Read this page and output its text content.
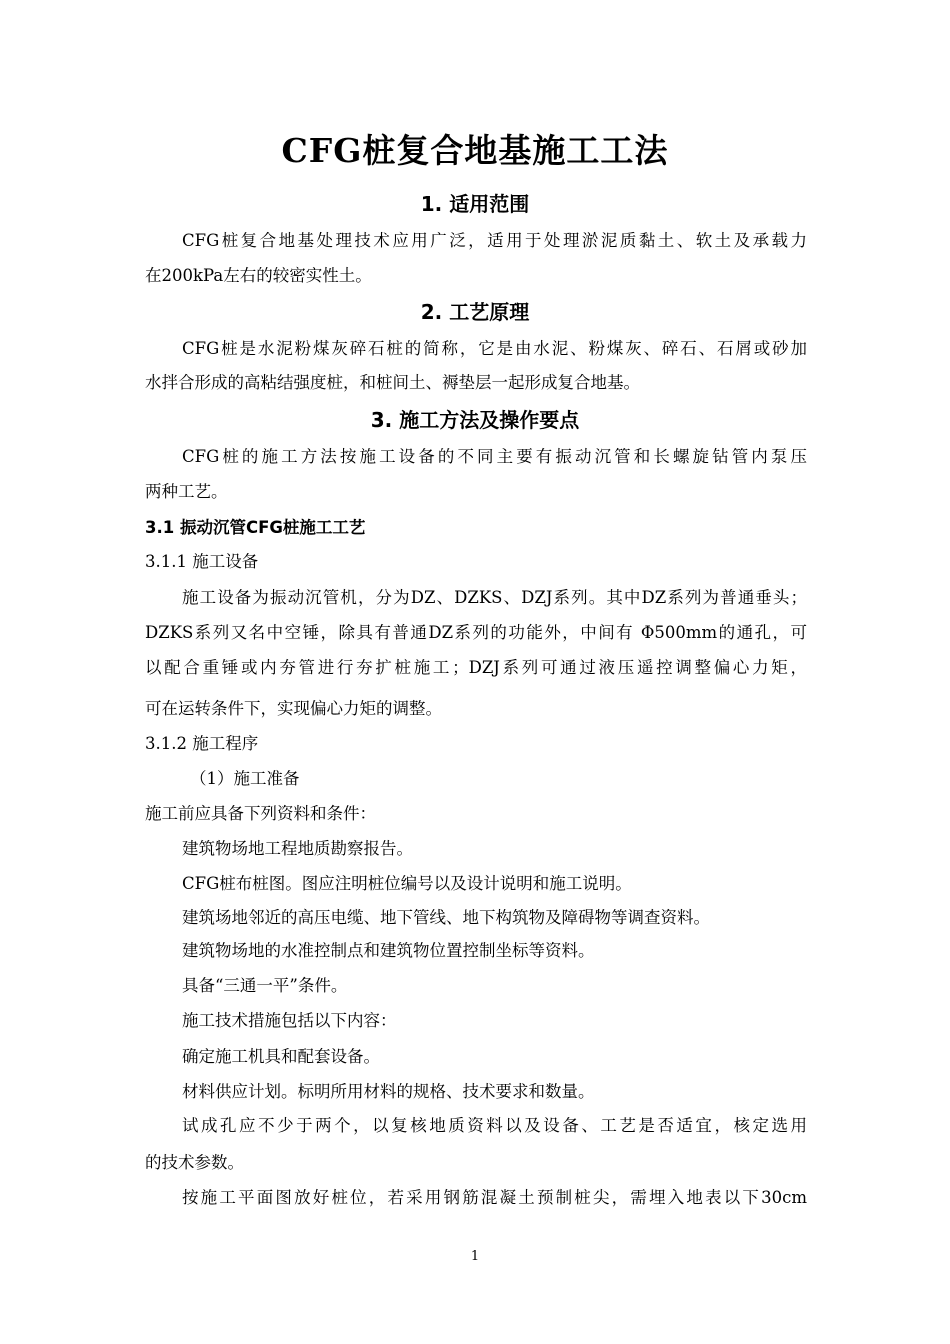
CFG桩复合地基施工工法
1. 适用范围
CFG桩复合地基处理技术应用广泛，适用于处理淤泥质黏土、软土及承载力
在200kPa左右的较密实性土。
2. 工艺原理
CFG桩是水泥粉煤灰碎石桩的简称，它是由水泥、粉煤灰、碎石、石屑或砂加
水拌合形成的高粘结强度桩，和桩间土、褥垫层一起形成复合地基。
3. 施工方法及操作要点
CFG桩的施工方法按施工设备的不同主要有振动沉管和长螺旋钻管内泵压
两种工艺。
3.1 振动沉管CFG桩施工工艺
3.1.1 施工设备
施工设备为振动沉管机，分为DZ、DZKS、DZJ系列。其中DZ系列为普通垂头；
DZKS系列又名中空锤，除具有普通DZ系列的功能外，中间有 Φ500mm的通孔，可
以配合重锤或内夯管进行夯扩桩施工；DZJ系列可通过液压遥控调整偏心力矩，
可在运转条件下，实现偏心力矩的调整。
3.1.2 施工程序
（1）施工准备
施工前应具备下列资料和条件：
建筑物场地工程地质勘察报告。
CFG桩布桩图。图应注明桩位编号以及设计说明和施工说明。
建筑场地邻近的高压电缆、地下管线、地下构筑物及障碍物等调查资料。
建筑物场地的水准控制点和建筑物位置控制坐标等资料。
具备“三通一平”条件。
施工技术措施包括以下内容：
确定施工机具和配套设备。
材料供应计划。标明所用材料的规格、技术要求和数量。
试成孔应不少于两个，以复核地质资料以及设备、工艺是否适宜，核定选用
的技术参数。
按施工平面图放好桩位，若采用钢筋混凝土预制桩尖，需埋入地表以下30cm
1
